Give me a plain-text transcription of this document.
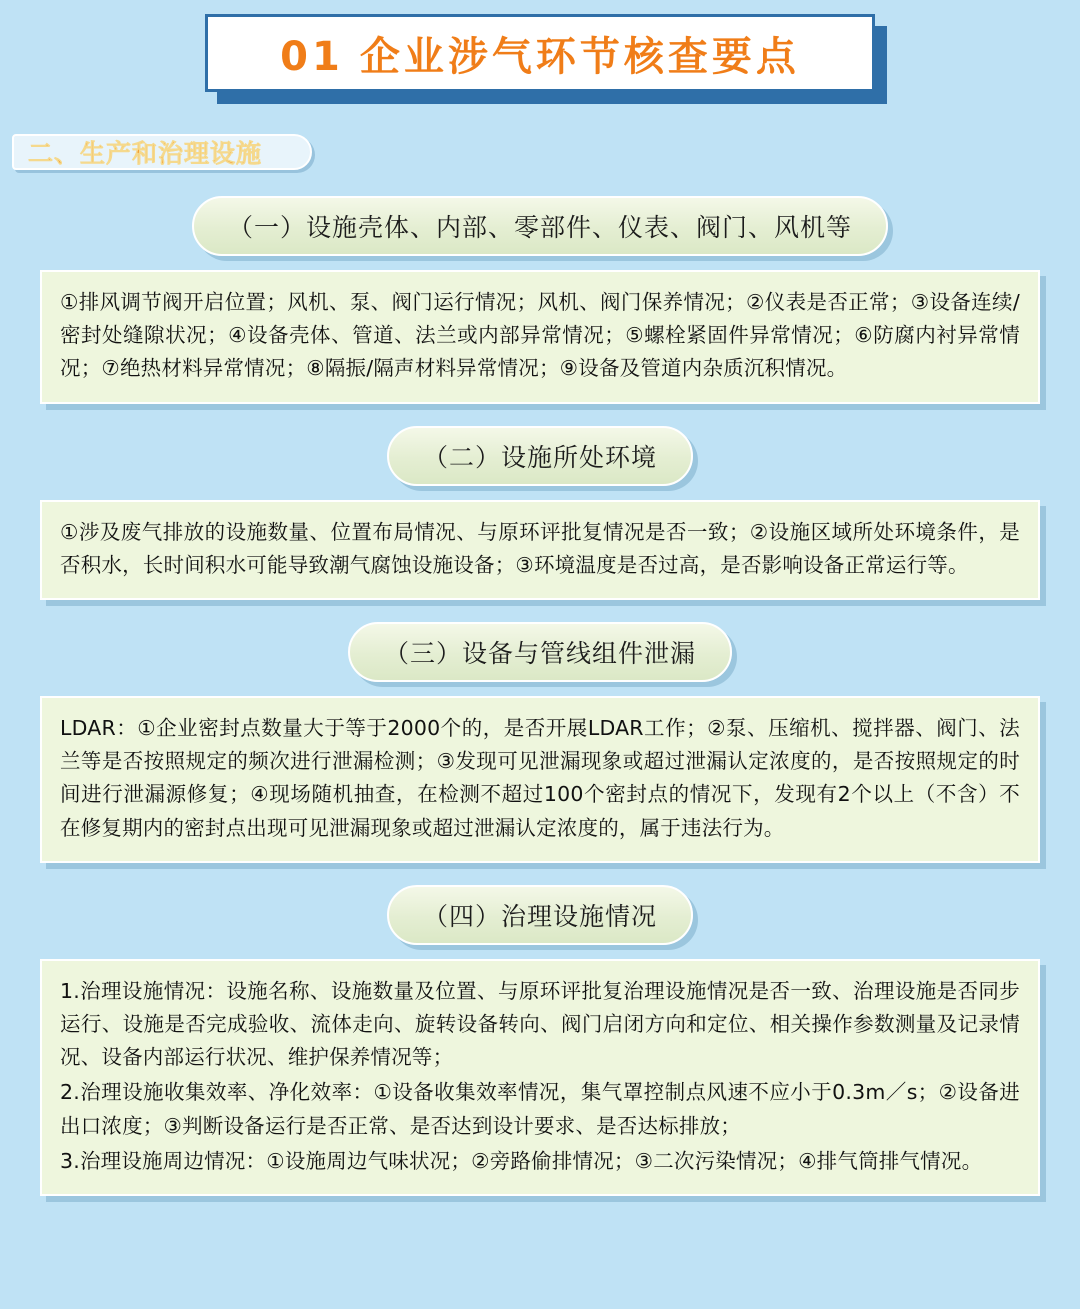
01 企业涉气环节核查要点
二、生产和治理设施
（一）设施壳体、内部、零部件、仪表、阀门、风机等

①排风调节阀开启位置；风机、泵、阀门运行情况；风机、阀门保养情况；②仪表是否正常；③设备连续/密封处缝隙状况；④设备壳体、管道、法兰或内部异常情况；⑤螺栓紧固件异常情况；⑥防腐内衬异常情况；⑦绝热材料异常情况；⑧隔振/隔声材料异常情况；⑨设备及管道内杂质沉积情况。

（二）设施所处环境

①涉及废气排放的设施数量、位置布局情况、与原环评批复情况是否一致；②设施区域所处环境条件，是否积水，长时间积水可能导致潮气腐蚀设施设备；③环境温度是否过高，是否影响设备正常运行等。

（三）设备与管线组件泄漏

LDAR：①企业密封点数量大于等于2000个的，是否开展LDAR工作；②泵、压缩机、搅拌器、阀门、法兰等是否按照规定的频次进行泄漏检测；③发现可见泄漏现象或超过泄漏认定浓度的，是否按照规定的时间进行泄漏源修复；④现场随机抽查，在检测不超过100个密封点的情况下，发现有2个以上（不含）不在修复期内的密封点出现可见泄漏现象或超过泄漏认定浓度的，属于违法行为。

（四）治理设施情况

1.治理设施情况：设施名称、设施数量及位置、与原环评批复治理设施情况是否一致、治理设施是否同步运行、设施是否完成验收、流体走向、旋转设备转向、阀门启闭方向和定位、相关操作参数测量及记录情况、设备内部运行状况、维护保养情况等；

2.治理设施收集效率、净化效率：①设备收集效率情况，集气罩控制点风速不应小于0.3m／s；②设备进出口浓度；③判断设备运行是否正常、是否达到设计要求、是否达标排放；

3.治理设施周边情况：①设施周边气味状况；②旁路偷排情况；③二次污染情况；④排气筒排气情况。
